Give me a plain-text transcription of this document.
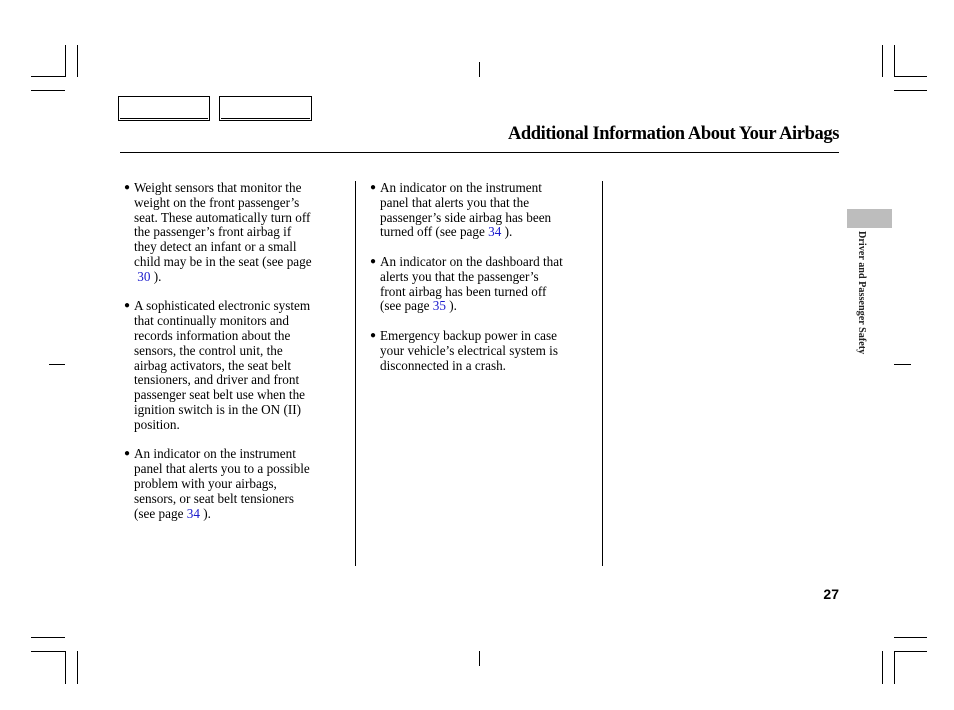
Additional Information About Your Airbags
● Weight sensors that monitor the
weight on the front passenger’s
seat. These automatically turn off
the passenger’s front airbag if
they detect an infant or a small
child may be in the seat (see page
30 ).
● A sophisticated electronic system
that continually monitors and
records information about the
sensors, the control unit, the
airbag activators, the seat belt
tensioners, and driver and front
passenger seat belt use when the
ignition switch is in the ON (II)
position.
● An indicator on the instrument
panel that alerts you to a possible
problem with your airbags,
sensors, or seat belt tensioners
(see page 34 ).
● An indicator on the instrument
panel that alerts you that the
passenger’s side airbag has been
turned off (see page 34 ).
● An indicator on the dashboard that
alerts you that the passenger’s
front airbag has been turned off
(see page 35 ).
● Emergency backup power in case
your vehicle’s electrical system is
disconnected in a crash.
Driver and Passenger Safety
27
